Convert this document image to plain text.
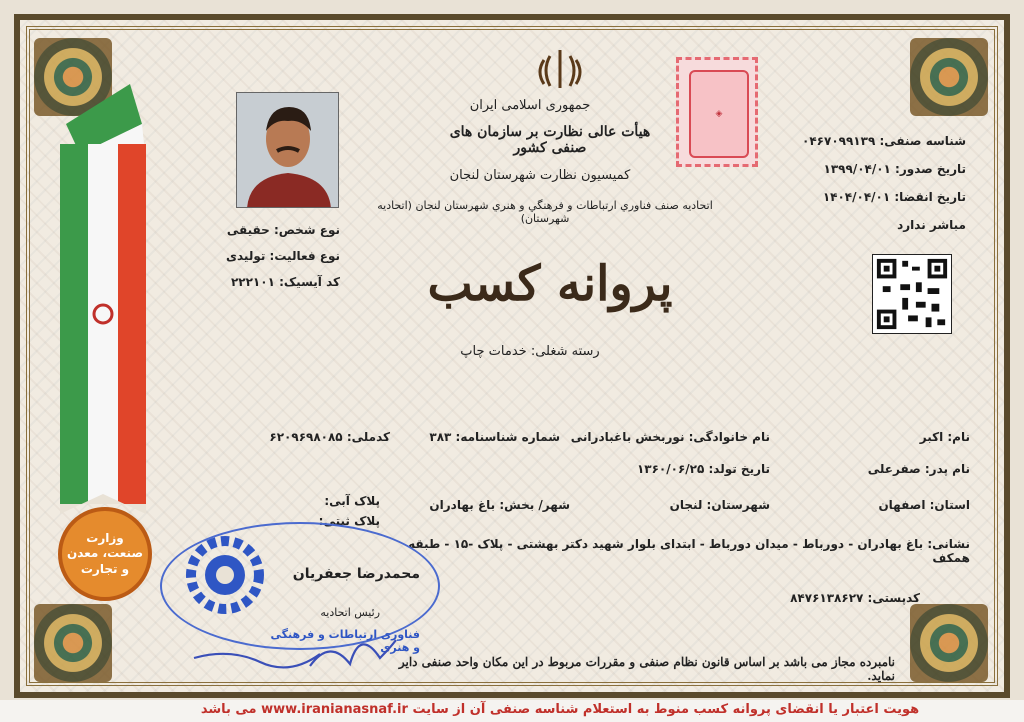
جمهوری اسلامی ایران
هیأت عالی نظارت بر سازمان های صنفی کشور
کمیسیون نظارت شهرستان لنجان
اتحادیه صنف فناوري ارتباطات و فرهنگي و هنري شهرستان لنجان (اتحادیه شهرستان)
◈
نوع شخص: حقیقی
نوع فعالیت: تولیدی
کد آیسیک: ۲۲۲۱۰۱
شناسه صنفی: ۰۴۶۷۰۹۹۱۳۹
تاریخ صدور: ۱۳۹۹/۰۴/۰۱
تاریخ انقضا: ۱۴۰۴/۰۴/۰۱
مباشر ندارد
پروانه کسب
رسته شغلی: خدمات چاپ
نام: اکبر
نام خانوادگی: نوربخش باغبادرانی
شماره شناسنامه: ۳۸۳
کدملی: ۶۲۰۹۶۹۸۰۸۵
نام پدر: صفرعلی
تاریخ تولد: ۱۳۶۰/۰۶/۲۵
استان: اصفهان
شهرستان: لنجان
شهر/ بخش: باغ بهادران
پلاک آبی:
پلاک ثبتی:
نشانی: باغ بهادران - دورباط - میدان دورباط - ابتدای بلوار شهید دکتر بهشتی - پلاک -۱۵ - طبقه همکف
کدپستی: ۸۴۷۶۱۳۸۶۲۷
وزارت
صنعت، معدن
و تجارت
فناوری ارتباطات و فرهنگی و هنری
محمدرضا جعفریان
رئیس اتحادیه
نامبرده مجاز می باشد بر اساس قانون نظام صنفی و مقررات مربوط در این مکان واحد صنفی دایر نماید.
هویت اعتبار یا انقضای پروانه کسب منوط به استعلام شناسه صنفی آن از سایت www.iranianasnaf.ir می باشد
